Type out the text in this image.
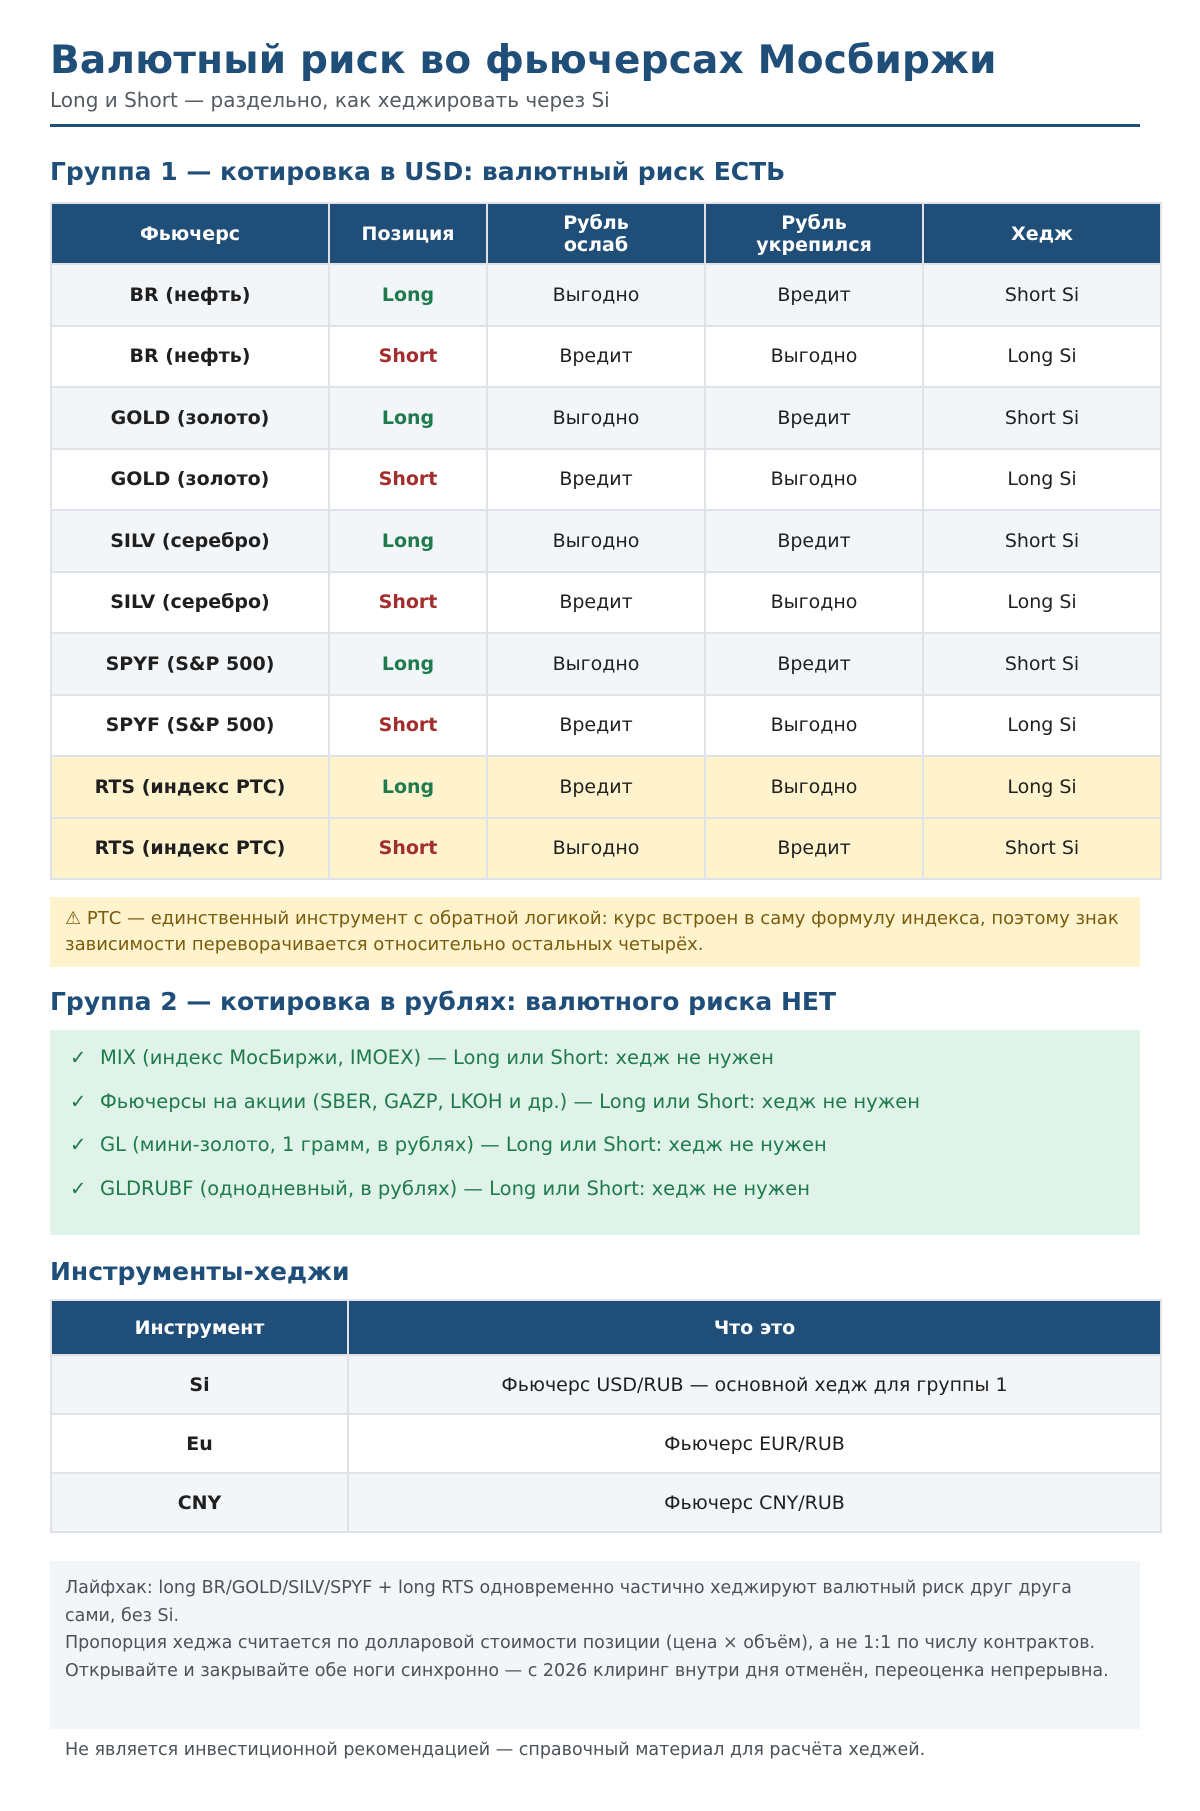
Валютный риск во фьючерсах Мосбиржи
Long и Short — раздельно, как хеджировать через Si
Группа 1 — котировка в USD: валютный риск ЕСТЬ
Фьючерс	Позиция	Рубль ослаб	Рубль укрепился	Хедж
BR (нефть)	Long	Выгодно	Вредит	Short Si
BR (нефть)	Short	Вредит	Выгодно	Long Si
GOLD (золото)	Long	Выгодно	Вредит	Short Si
GOLD (золото)	Short	Вредит	Выгодно	Long Si
SILV (серебро)	Long	Выгодно	Вредит	Short Si
SILV (серебро)	Short	Вредит	Выгодно	Long Si
SPYF (S&P 500)	Long	Выгодно	Вредит	Short Si
SPYF (S&P 500)	Short	Вредит	Выгодно	Long Si
RTS (индекс РТС)	Long	Вредит	Выгодно	Long Si
RTS (индекс РТС)	Short	Выгодно	Вредит	Short Si
⚠ РТС — единственный инструмент с обратной логикой: курс встроен в саму формулу индекса, поэтому знак зависимости переворачивается относительно остальных четырёх.
Группа 2 — котировка в рублях: валютного риска НЕТ
✓ MIX (индекс МосБиржи, IMOEX) — Long или Short: хедж не нужен
✓ Фьючерсы на акции (SBER, GAZP, LKOH и др.) — Long или Short: хедж не нужен
✓ GL (мини-золото, 1 грамм, в рублях) — Long или Short: хедж не нужен
✓ GLDRUBF (однодневный, в рублях) — Long или Short: хедж не нужен
Инструменты-хеджи
Инструмент	Что это
Si	Фьючерс USD/RUB — основной хедж для группы 1
Eu	Фьючерс EUR/RUB
CNY	Фьючерс CNY/RUB
Лайфхак: long BR/GOLD/SILV/SPYF + long RTS одновременно частично хеджируют валютный риск друг друга сами, без Si.
Пропорция хеджа считается по долларовой стоимости позиции (цена × объём), а не 1:1 по числу контрактов.
Открывайте и закрывайте обе ноги синхронно — с 2026 клиринг внутри дня отменён, переоценка непрерывна.
Не является инвестиционной рекомендацией — справочный материал для расчёта хеджей.
